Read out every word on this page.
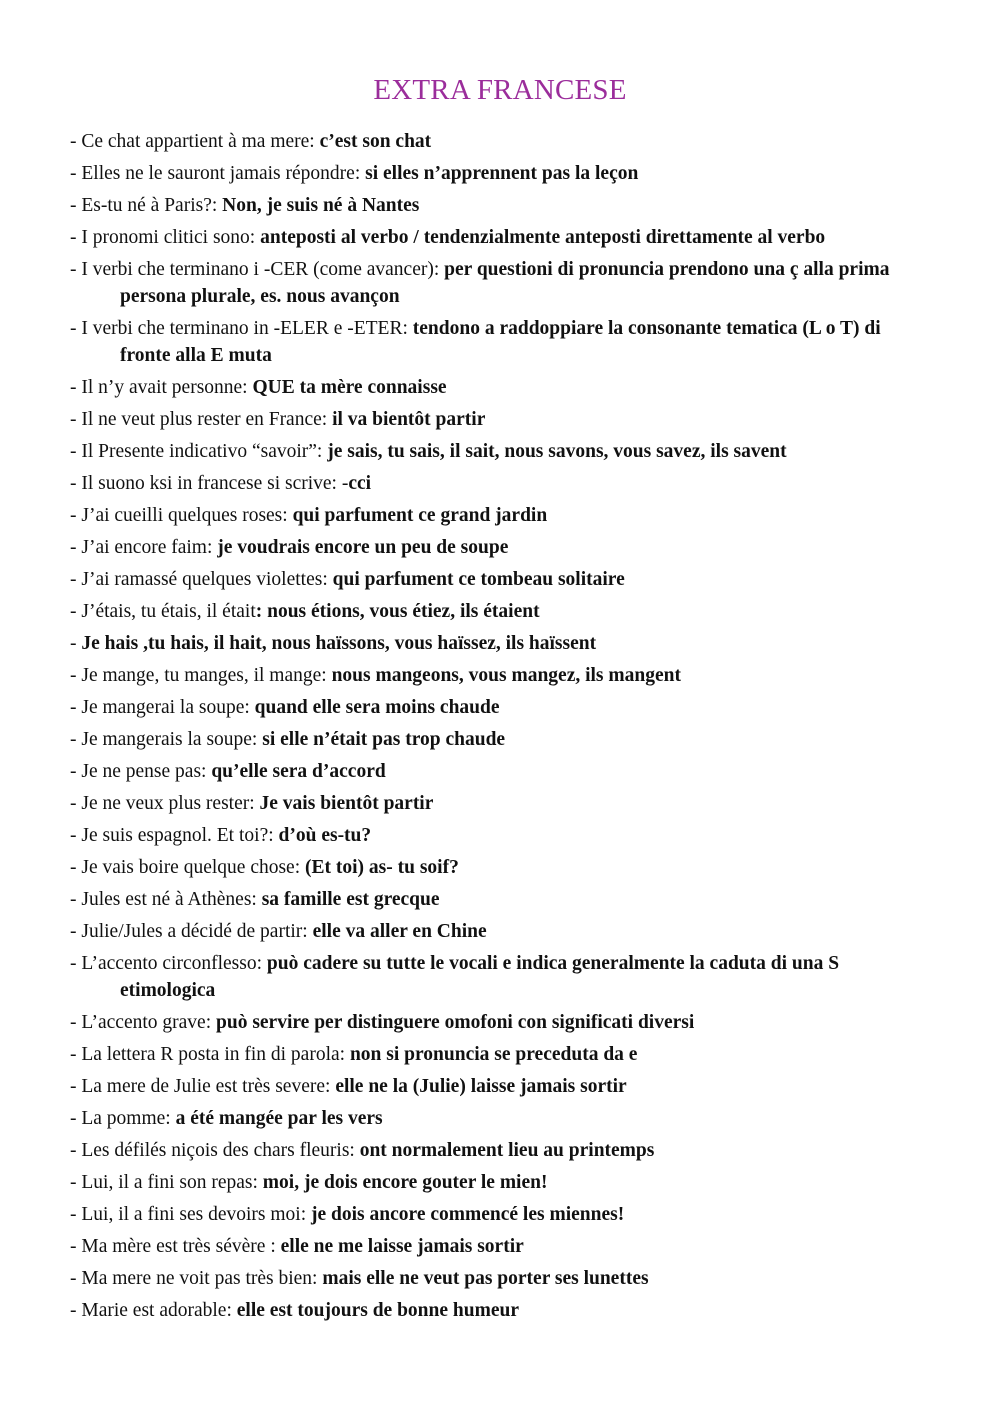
EXTRA FRANCESE
- Ce chat appartient à ma mere: c’est son chat
- Elles ne le sauront jamais répondre: si elles n’apprennent pas la leçon
- Es-tu né à Paris?: Non, je suis né à Nantes
- I pronomi clitici sono: anteposti al verbo / tendenzialmente anteposti direttamente al verbo
- I verbi che terminano i -CER (come avancer): per questioni di pronuncia prendono una ç alla prima persona plurale, es. nous avançon
- I verbi che terminano in -ELER e -ETER: tendono a raddoppiare la consonante tematica (L o T) di fronte alla E muta
- Il n’y avait personne: QUE ta mère connaisse
- Il ne veut plus rester en France: il va bientôt partir
- Il Presente indicativo “savoir”: je sais, tu sais, il sait, nous savons, vous savez, ils savent
- Il suono ksi in francese si scrive: -cci
- J’ai cueilli quelques roses: qui parfument ce grand jardin
- J’ai encore faim: je voudrais encore un peu de soupe
- J’ai ramassé quelques violettes: qui parfument ce tombeau solitaire
- J’étais, tu étais, il était: nous étions, vous étiez, ils étaient
- Je hais ,tu hais, il hait, nous haïssons, vous haïssez, ils haïssent
- Je mange, tu manges, il mange: nous mangeons, vous mangez, ils mangent
- Je mangerai la soupe: quand elle sera moins chaude
- Je mangerais la soupe: si elle n’était pas trop chaude
- Je ne pense pas: qu’elle sera d’accord
- Je ne veux plus rester: Je vais bientôt partir
- Je suis espagnol. Et toi?: d’où es-tu?
- Je vais boire quelque chose: (Et toi) as- tu soif?
- Jules est né à Athènes: sa famille est grecque
- Julie/Jules a décidé de partir: elle va aller en Chine
- L’accento circonflesso: può cadere su tutte le vocali e indica generalmente la caduta di una S etimologica
- L’accento grave: può servire per distinguere omofoni con significati diversi
- La lettera R posta in fin di parola: non si pronuncia se preceduta da e
- La mere de Julie est très severe: elle ne la (Julie) laisse jamais sortir
- La pomme: a été mangée par les vers
- Les défilés niçois des chars fleuris: ont normalement lieu au printemps
- Lui, il a fini son repas: moi, je dois encore gouter le mien!
- Lui, il a fini ses devoirs moi: je dois ancore commencé les miennes!
- Ma mère est très sévère : elle ne me laisse jamais sortir
- Ma mere ne voit pas très bien: mais elle ne veut pas porter ses lunettes
- Marie est adorable: elle est toujours de bonne humeur
